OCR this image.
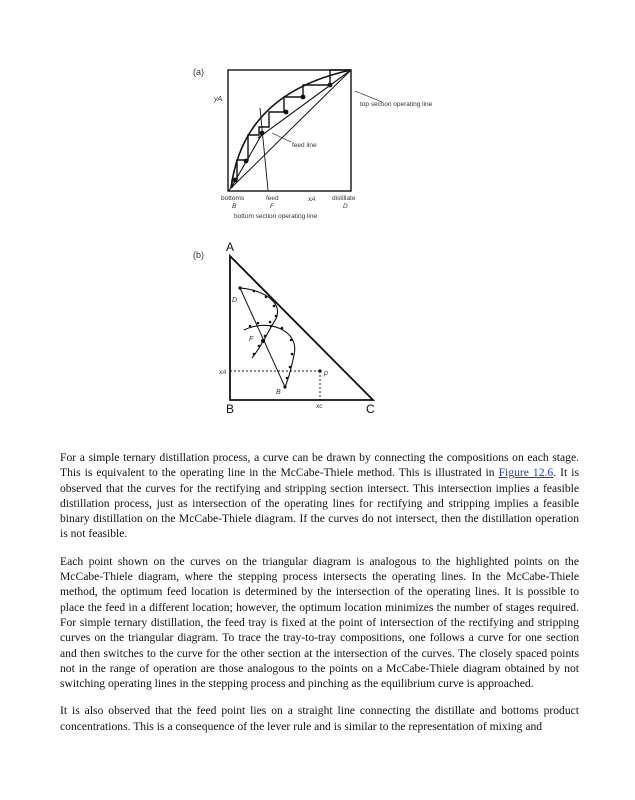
(a)
yA
top section operating line
feed line
bottoms
B
feed
F
xA	distillate
D
bottom section operating line
(b)
A
B	C
D
F
B
p
xA
xc

For a simple ternary distillation process, a curve can be drawn by connecting the compositions on each stage. This is equivalent to the operating line in the McCabe-Thiele method. This is illustrated in Figure 12.6. It is observed that the curves for the rectifying and stripping section intersect. This intersection implies a feasible distillation process, just as intersection of the operating lines for rectifying and stripping implies a feasible binary distillation on the McCabe-Thiele diagram. If the curves do not intersect, then the distillation operation is not feasible.

Each point shown on the curves on the triangular diagram is analogous to the highlighted points on the McCabe-Thiele diagram, where the stepping process intersects the operating lines. In the McCabe-Thiele method, the optimum feed location is determined by the intersection of the operating lines. It is possible to place the feed in a different location; however, the optimum location minimizes the number of stages required. For simple ternary distillation, the feed tray is fixed at the point of intersection of the rectifying and stripping curves on the triangular diagram. To trace the tray-to-tray compositions, one follows a curve for one section and then switches to the curve for the other section at the intersection of the curves. The closely spaced points not in the range of operation are those analogous to the points on a McCabe-Thiele diagram obtained by not switching operating lines in the stepping process and pinching as the equilibrium curve is approached.

It is also observed that the feed point lies on a straight line connecting the distillate and bottoms product concentrations. This is a consequence of the lever rule and is similar to the representation of mixing and
